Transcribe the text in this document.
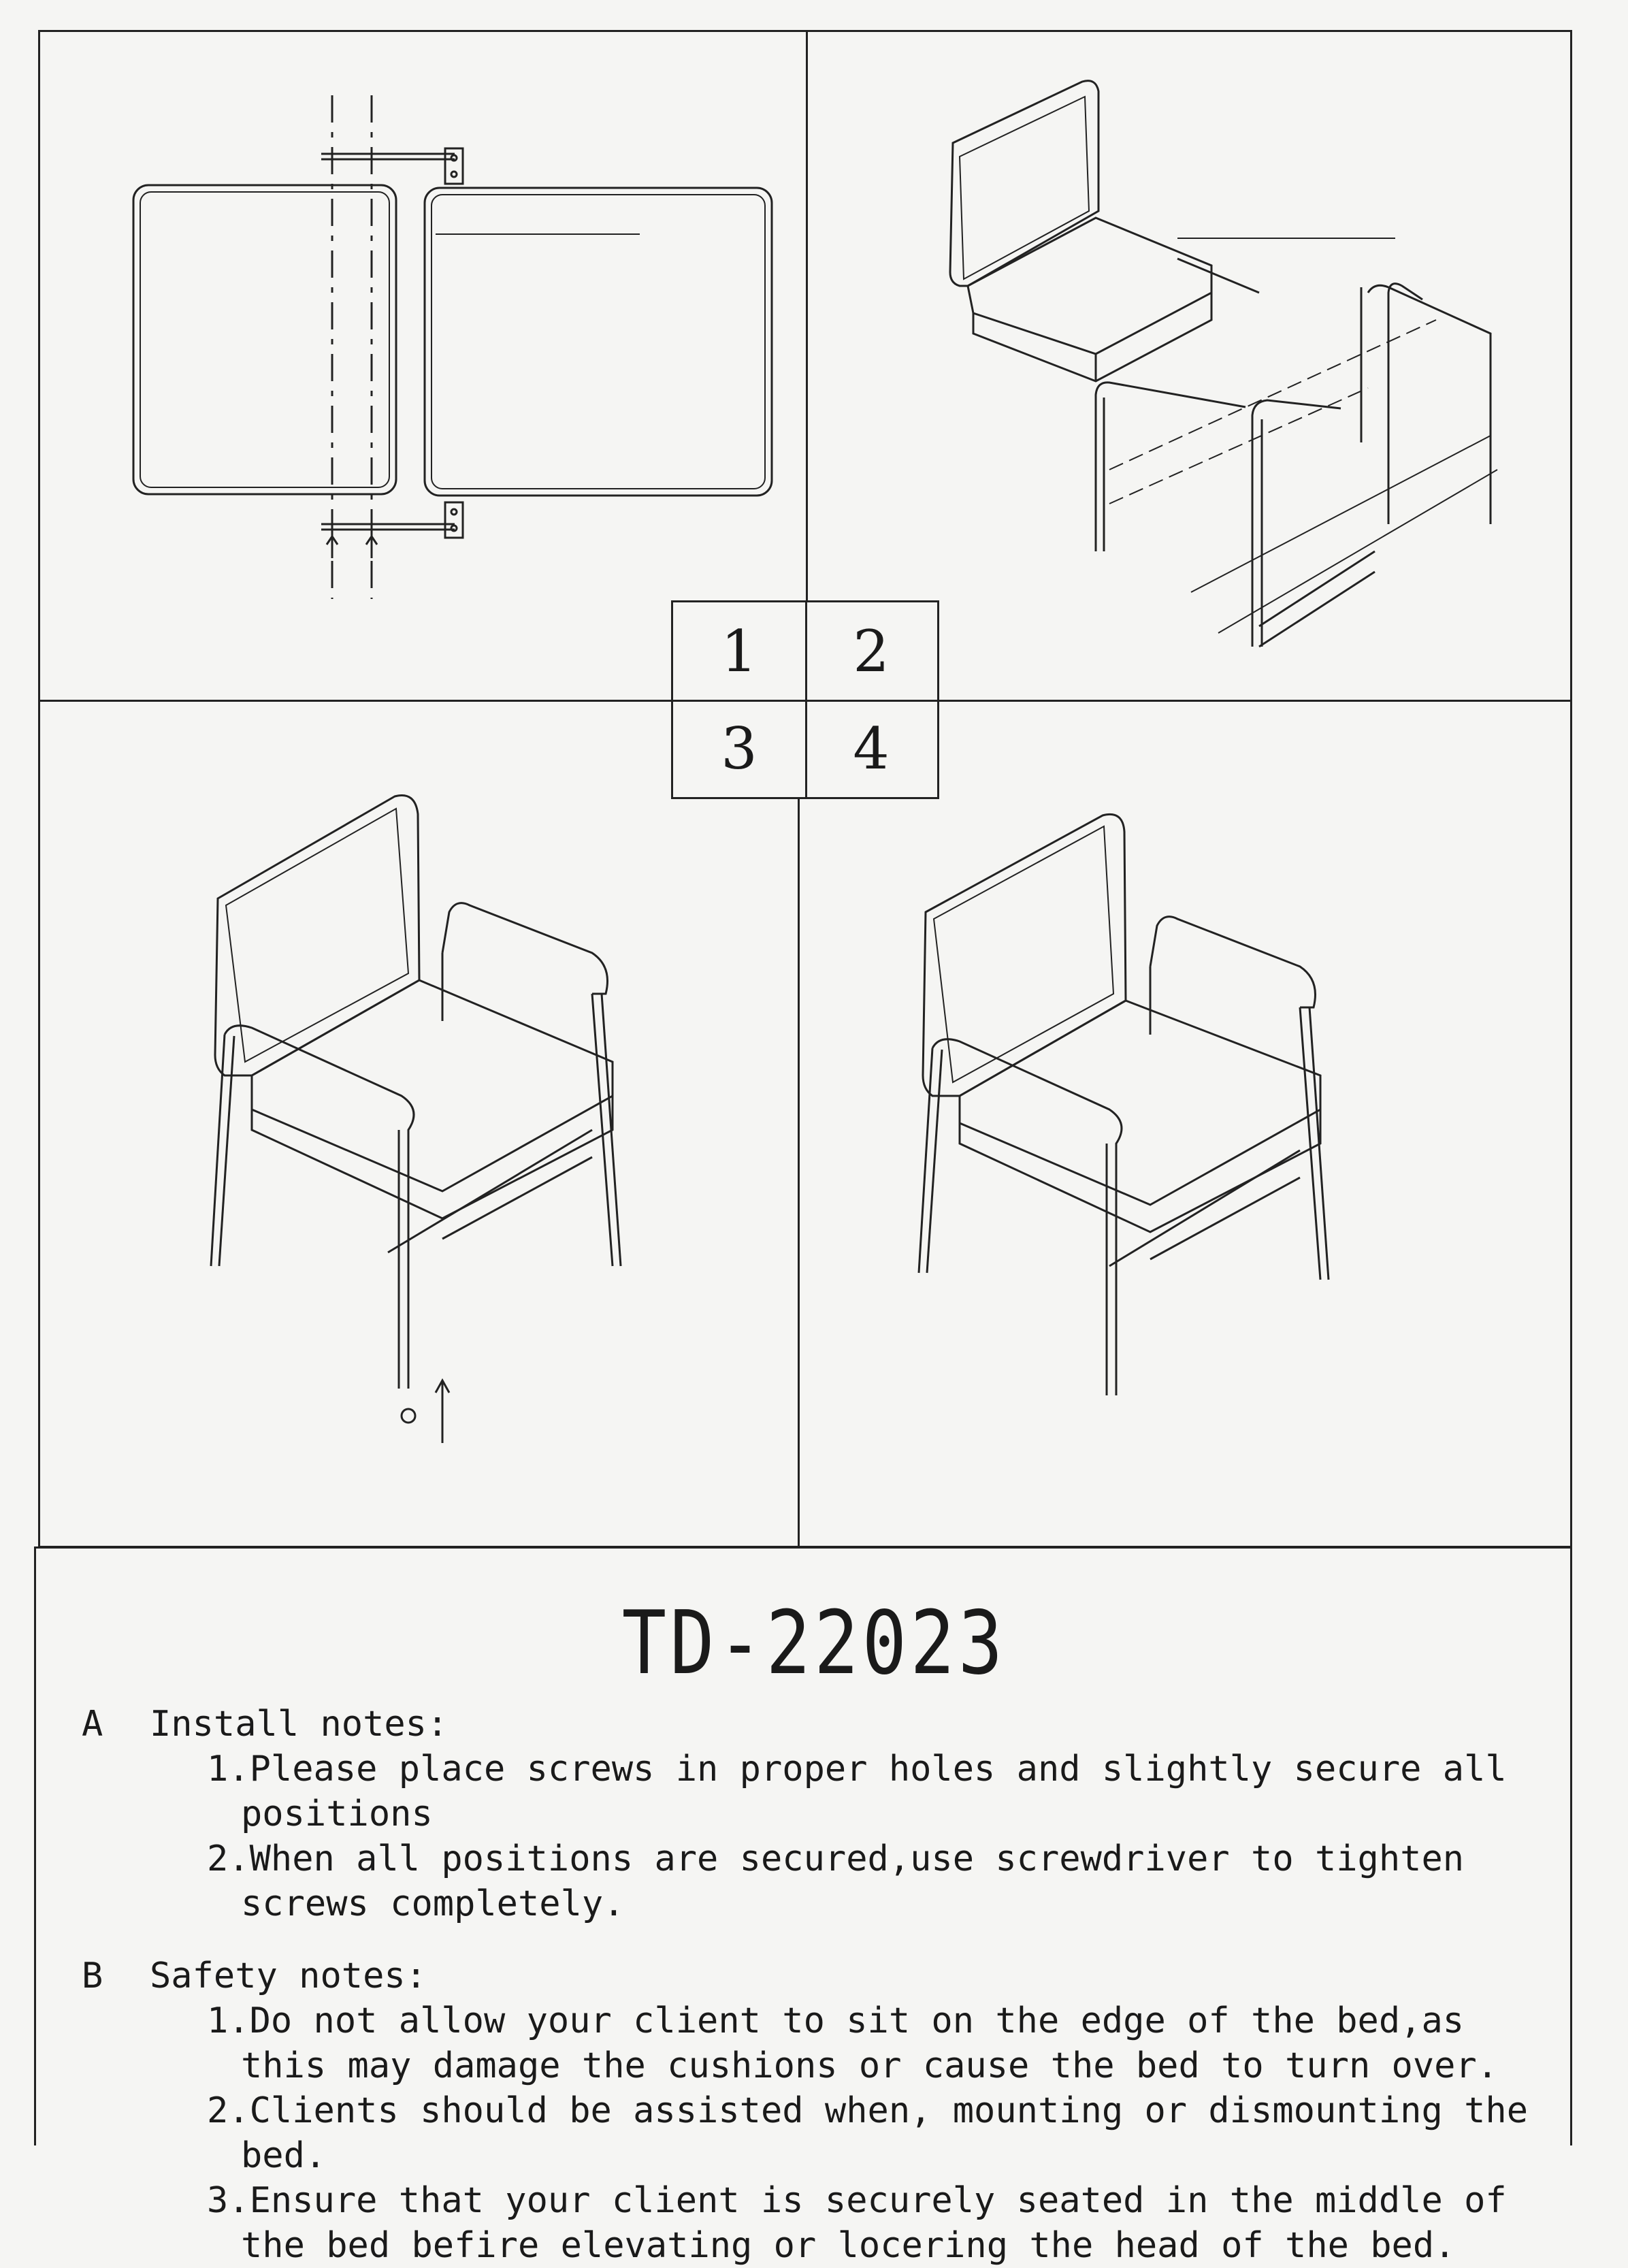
1	2
3	4
TD-22023
A	Install notes:
1.Please place screws in proper holes and slightly secure all positions
2.When all positions are secured,use screwdriver to tighten screws completely.
B	Safety notes:
1.Do not allow your client to sit on the edge of the bed,as this may damage the cushions or cause the bed to turn over.
2.Clients should be assisted when, mounting or dismounting the bed.
3.Ensure that your client is securely seated in the middle of the bed befire elevating or locering the head of the bed.
